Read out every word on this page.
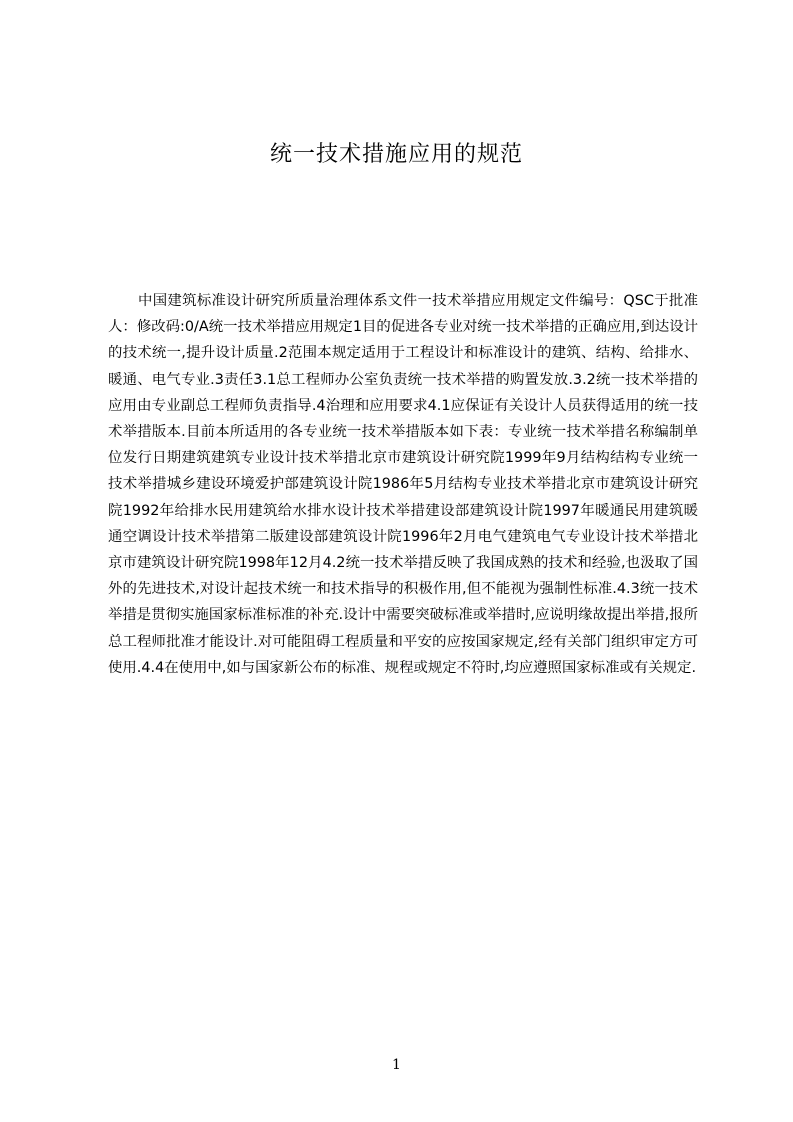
统一技术措施应用的规范

中国建筑标准设计研究所质量治理体系文件一技术举措应用规定文件编号：QSC于批准人：修改码:0/A统一技术举措应用规定1目的促进各专业对统一技术举措的正确应用,到达设计的技术统一,提升设计质量.2范围本规定适用于工程设计和标准设计的建筑、结构、给排水、暖通、电气专业.3责任3.1总工程师办公室负责统一技术举措的购置发放.3.2统一技术举措的应用由专业副总工程师负责指导.4治理和应用要求4.1应保证有关设计人员获得适用的统一技术举措版本.目前本所适用的各专业统一技术举措版本如下表：专业统一技术举措名称编制单位发行日期建筑建筑专业设计技术举措北京市建筑设计研究院1999年9月结构结构专业统一技术举措城乡建设环境爱护部建筑设计院1986年5月结构专业技术举措北京市建筑设计研究院1992年给排水民用建筑给水排水设计技术举措建设部建筑设计院1997年暖通民用建筑暖通空调设计技术举措第二版建设部建筑设计院1996年2月电气建筑电气专业设计技术举措北京市建筑设计研究院1998年12月4.2统一技术举措反映了我国成熟的技术和经验,也汲取了国外的先进技术,对设计起技术统一和技术指导的积极作用,但不能视为强制性标准.4.3统一技术举措是贯彻实施国家标准标准的补充.设计中需要突破标准或举措时,应说明缘故提出举措,报所总工程师批准才能设计.对可能阻碍工程质量和平安的应按国家规定,经有关部门组织审定方可使用.4.4在使用中,如与国家新公布的标准、规程或规定不符时,均应遵照国家标准或有关规定.

1
